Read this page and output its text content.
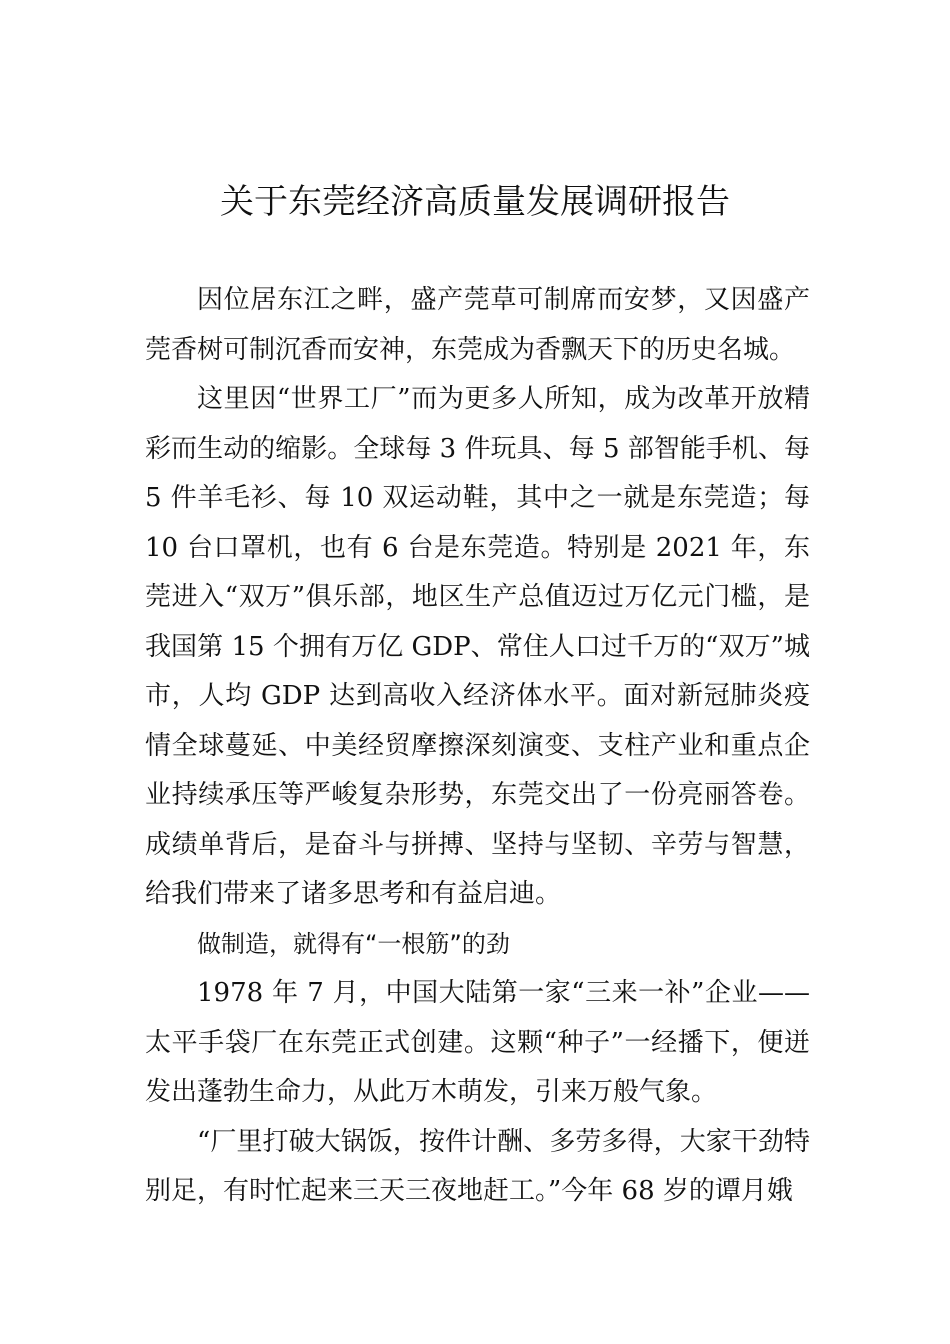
关于东莞经济高质量发展调研报告

因位居东江之畔，盛产莞草可制席而安梦，又因盛产莞香树可制沉香而安神，东莞成为香飘天下的历史名城。

这里因“世界工厂”而为更多人所知，成为改革开放精彩而生动的缩影。全球每 3 件玩具、每 5 部智能手机、每 5 件羊毛衫、每 10 双运动鞋，其中之一就是东莞造；每 10 台口罩机，也有 6 台是东莞造。特别是 2021 年，东莞进入“双万”俱乐部，地区生产总值迈过万亿元门槛，是我国第 15 个拥有万亿 GDP、常住人口过千万的“双万”城市，人均 GDP 达到高收入经济体水平。面对新冠肺炎疫情全球蔓延、中美经贸摩擦深刻演变、支柱产业和重点企业持续承压等严峻复杂形势，东莞交出了一份亮丽答卷。成绩单背后，是奋斗与拼搏、坚持与坚韧、辛劳与智慧，给我们带来了诸多思考和有益启迪。

做制造，就得有“一根筋”的劲

1978 年 7 月，中国大陆第一家“三来一补”企业——太平手袋厂在东莞正式创建。这颗“种子”一经播下，便迸发出蓬勃生命力，从此万木萌发，引来万般气象。

“厂里打破大锅饭，按件计酬、多劳多得，大家干劲特别足，有时忙起来三天三夜地赶工。”今年 68 岁的谭月娥
